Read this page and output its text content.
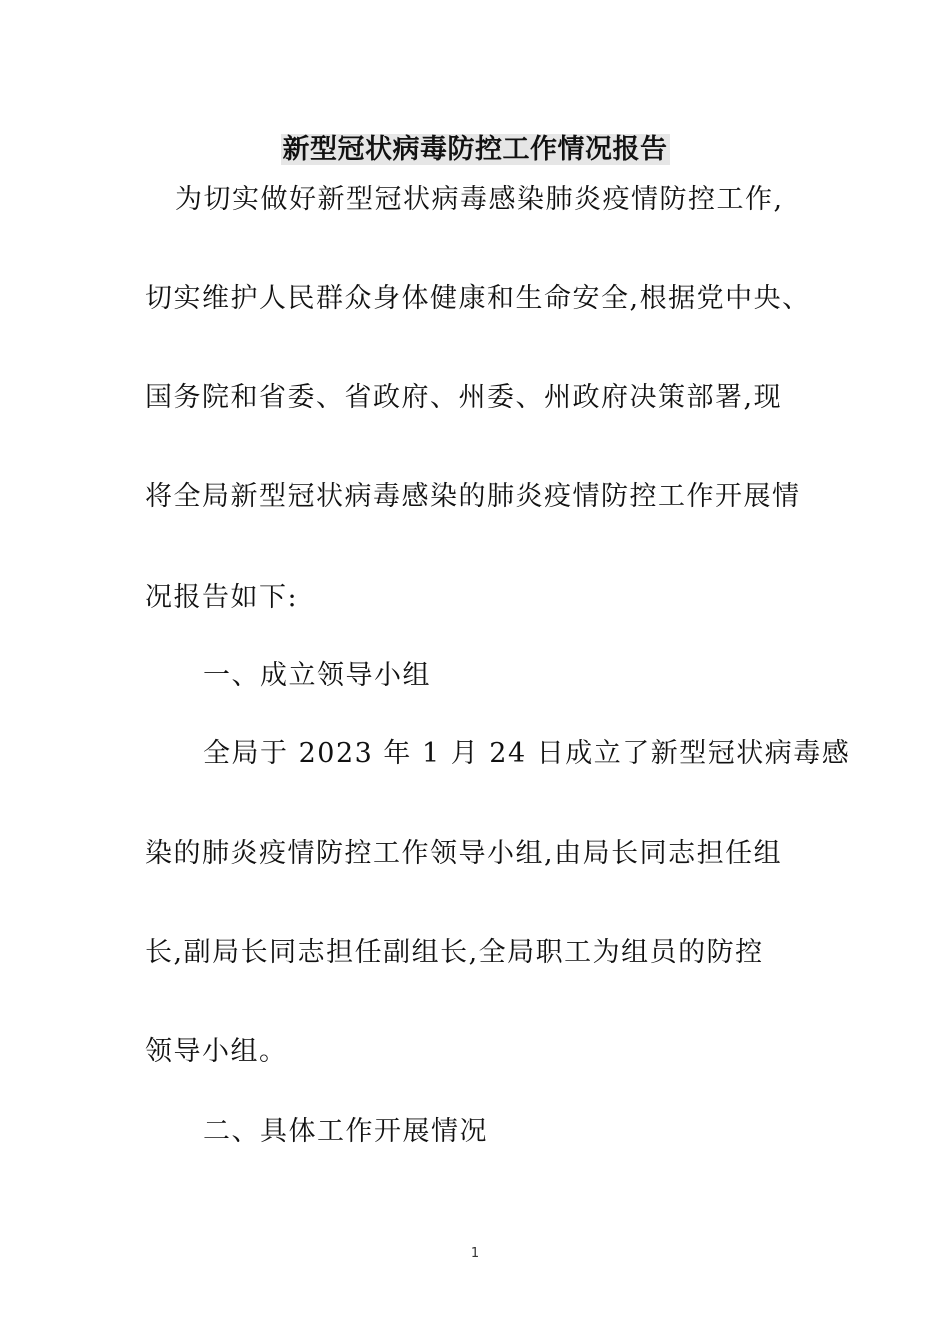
新型冠状病毒防控工作情况报告
为切实做好新型冠状病毒感染肺炎疫情防控工作,
切实维护人民群众身体健康和生命安全,根据党中央、
国务院和省委、省政府、州委、州政府决策部署,现
将全局新型冠状病毒感染的肺炎疫情防控工作开展情
况报告如下:
一、成立领导小组
全局于 2023 年 1 月 24 日成立了新型冠状病毒感
染的肺炎疫情防控工作领导小组,由局长同志担任组
长,副局长同志担任副组长,全局职工为组员的防控
领导小组。
二、具体工作开展情况
1
